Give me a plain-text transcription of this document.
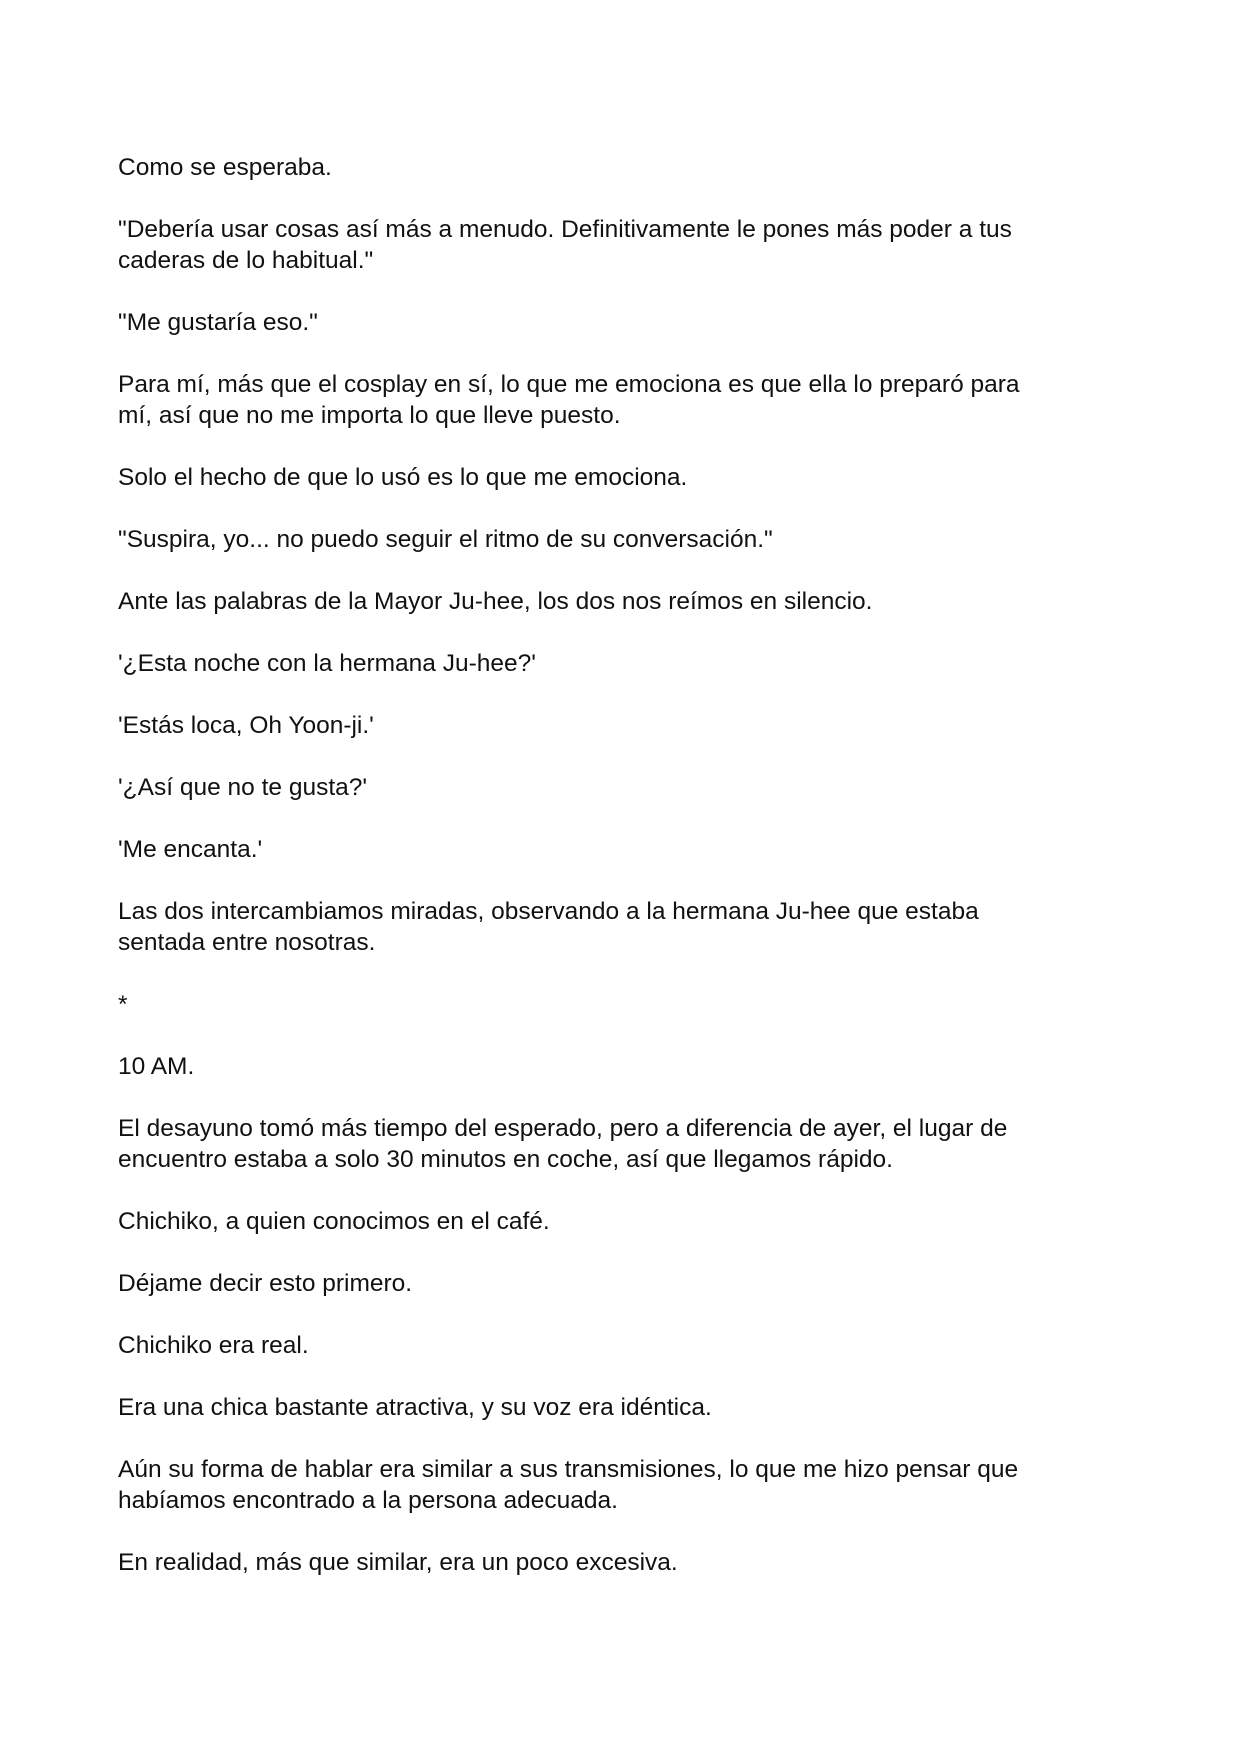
Como se esperaba.

"Debería usar cosas así más a menudo. Definitivamente le pones más poder a tus
caderas de lo habitual."

"Me gustaría eso."

Para mí, más que el cosplay en sí, lo que me emociona es que ella lo preparó para
mí, así que no me importa lo que lleve puesto.

Solo el hecho de que lo usó es lo que me emociona.

"Suspira, yo... no puedo seguir el ritmo de su conversación."

Ante las palabras de la Mayor Ju-hee, los dos nos reímos en silencio.

'¿Esta noche con la hermana Ju-hee?'

'Estás loca, Oh Yoon-ji.'

'¿Así que no te gusta?'

'Me encanta.'

Las dos intercambiamos miradas, observando a la hermana Ju-hee que estaba
sentada entre nosotras.

*

10 AM.

El desayuno tomó más tiempo del esperado, pero a diferencia de ayer, el lugar de
encuentro estaba a solo 30 minutos en coche, así que llegamos rápido.

Chichiko, a quien conocimos en el café.

Déjame decir esto primero.

Chichiko era real.

Era una chica bastante atractiva, y su voz era idéntica.

Aún su forma de hablar era similar a sus transmisiones, lo que me hizo pensar que
habíamos encontrado a la persona adecuada.

En realidad, más que similar, era un poco excesiva.
